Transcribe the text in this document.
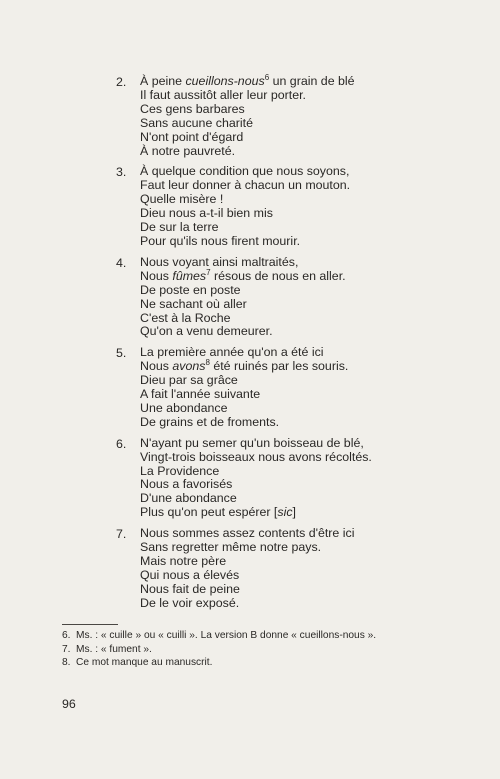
2. À peine cueillons-nous$^6$ un grain de blé
Il faut aussitôt aller leur porter.
Ces gens barbares
Sans aucune charité
N'ont point d'égard
À notre pauvreté.
3. À quelque condition que nous soyons,
Faut leur donner à chacun un mouton.
Quelle misère !
Dieu nous a-t-il bien mis
De sur la terre
Pour qu'ils nous firent mourir.
4. Nous voyant ainsi maltraités,
Nous fûmes$^7$ résous de nous en aller.
De poste en poste
Ne sachant où aller
C'est à la Roche
Qu'on a venu demeurer.
5. La première année qu'on a été ici
Nous avons$^8$ été ruinés par les souris.
Dieu par sa grâce
A fait l'année suivante
Une abondance
De grains et de froments.
6. N'ayant pu semer qu'un boisseau de blé,
Vingt-trois boisseaux nous avons récoltés.
La Providence
Nous a favorisés
D'une abondance
Plus qu'on peut espérer [sic]
7. Nous sommes assez contents d'être ici
Sans regretter même notre pays.
Mais notre père
Qui nous a élevés
Nous fait de peine
De le voir exposé.
6. Ms. : « cuille » ou « cuilli ». La version B donne « cueillons-nous ».
7. Ms. : « fument ».
8. Ce mot manque au manuscrit.
96
